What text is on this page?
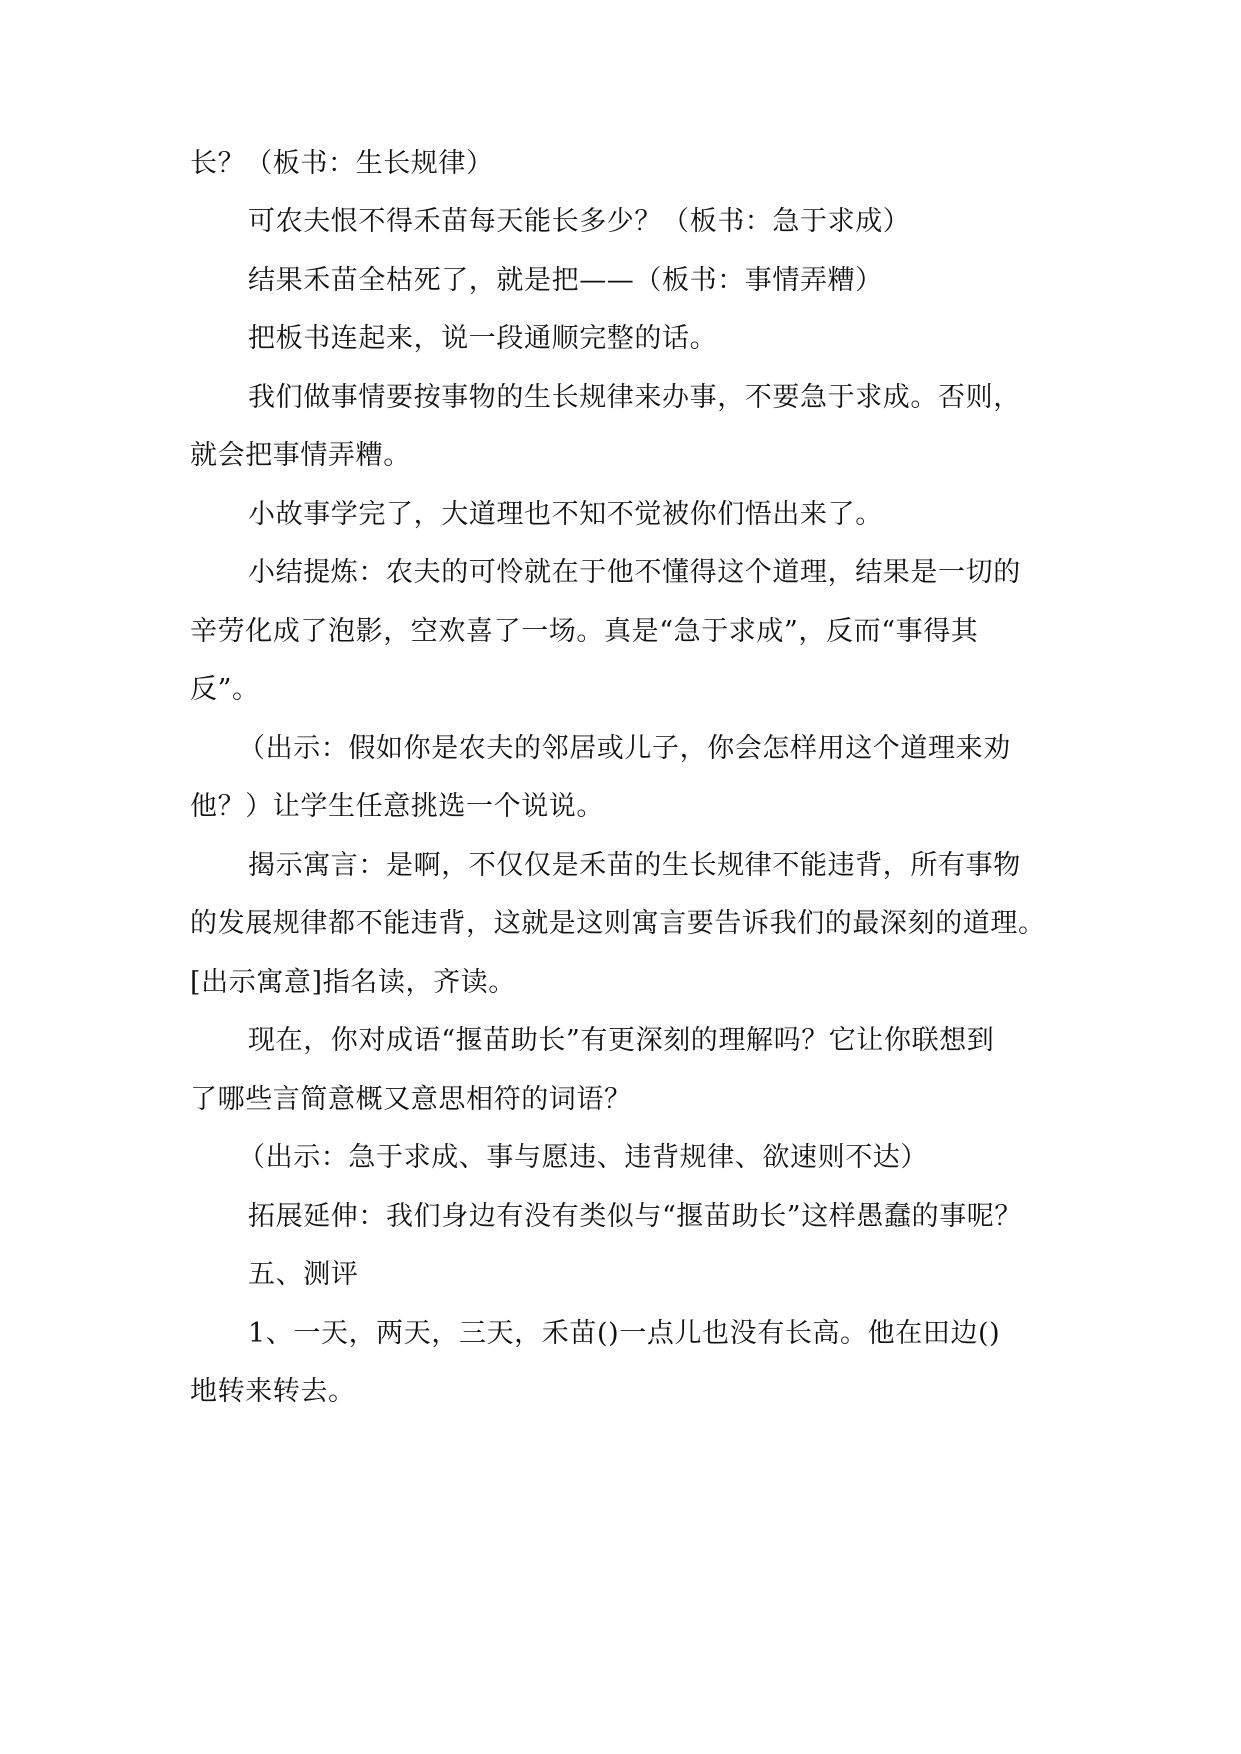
长？（板书：生长规律）
可农夫恨不得禾苗每天能长多少？（板书：急于求成）
结果禾苗全枯死了，就是把——（板书：事情弄糟）
把板书连起来，说一段通顺完整的话。
我们做事情要按事物的生长规律来办事，不要急于求成。否则，
就会把事情弄糟。
小故事学完了，大道理也不知不觉被你们悟出来了。
小结提炼：农夫的可怜就在于他不懂得这个道理，结果是一切的
辛劳化成了泡影，空欢喜了一场。真是“急于求成”，反而“事得其
反”。
（出示：假如你是农夫的邻居或儿子，你会怎样用这个道理来劝
他？）让学生任意挑选一个说说。
揭示寓言：是啊，不仅仅是禾苗的生长规律不能违背，所有事物
的发展规律都不能违背，这就是这则寓言要告诉我们的最深刻的道理。
[出示寓意]指名读，齐读。
现在，你对成语“揠苗助长”有更深刻的理解吗？它让你联想到
了哪些言简意概又意思相符的词语？
（出示：急于求成、事与愿违、违背规律、欲速则不达）
拓展延伸：我们身边有没有类似与“揠苗助长”这样愚蠢的事呢？
五、测评
1、一天，两天，三天，禾苗()一点儿也没有长高。他在田边()
地转来转去。
